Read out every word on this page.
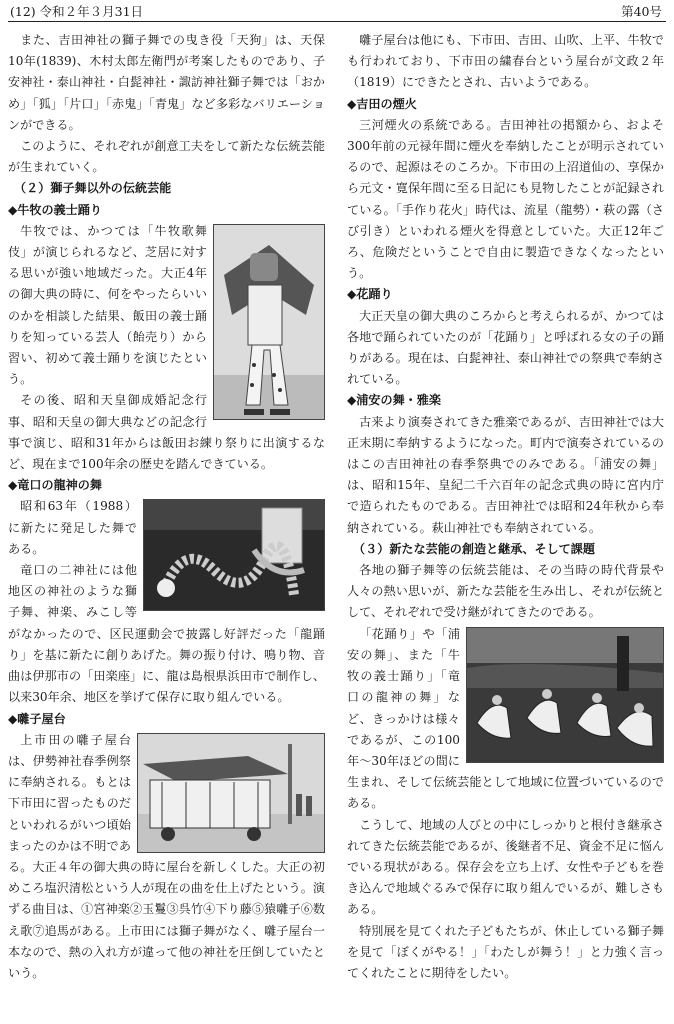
(12) 令和２年３月31日	第40号

また、吉田神社の獅子舞での曳き役「天狗」は、天保10年(1839)、木村太郎左衛門が考案したものであり、子安神社・泰山神社・白髭神社・諏訪神社獅子舞では「おかめ」「狐」「片口」「赤鬼」「青鬼」など多彩なバリエーションができる。

このように、それぞれが創意工夫をして新たな伝統芸能が生まれていく。

（２）獅子舞以外の伝統芸能

◆牛牧の義士踊り

牛牧では、かつては「牛牧歌舞伎」が演じられるなど、芝居に対する思いが強い地域だった。大正4年の御大典の時に、何をやったらいいのかを相談した結果、飯田の義士踊りを知っている芸人（飴売り）から習い、初めて義士踊りを演じたという。

その後、昭和天皇御成婚記念行事、昭和天皇の御大典などの記念行事で演じ、昭和31年からは飯田お練り祭りに出演するなど、現在まで100年余の歴史を踏んできている。

◆竜口の龍神の舞

昭和63年（1988）に新たに発足した舞である。

竜口の二神社には他地区の神社のような獅子舞、神楽、みこし等がなかったので、区民運動会で披露し好評だった「龍踊り」を基に新たに創りあげた。舞の振り付け、鳴り物、音曲は伊那市の「田楽座」に、龍は島根県浜田市で制作し、以来30年余、地区を挙げて保存に取り組んでいる。

◆囃子屋台

上市田の囃子屋台は、伊勢神社春季例祭に奉納される。もとは下市田に習ったものだといわれるがいつ頃始まったのかは不明である。大正４年の御大典の時に屋台を新しくした。大正の初めころ塩沢清松という人が現在の曲を仕上げたという。演ずる曲目は、①宮神楽②玉鬘③呉竹④下り藤⑤猿囃子⑥数え歌⑦追馬がある。上市田には獅子舞がなく、囃子屋台一本なので、熱の入れ方が違って他の神社を圧倒していたという。

囃子屋台は他にも、下市田、吉田、山吹、上平、牛牧でも行われており、下市田の繍春台という屋台が文政２年（1819）にできたとされ、古いようである。

◆吉田の煙火

三河煙火の系統である。吉田神社の掲額から、およそ300年前の元禄年間に煙火を奉納したことが明示されているので、起源はそのころか。下市田の上沼道仙の、享保から元文・寛保年間に至る日記にも見物したことが記録されている。「手作り花火」時代は、流星（龍勢）・萩の露（さび引き）といわれる煙火を得意としていた。大正12年ごろ、危険だということで自由に製造できなくなったという。

◆花踊り

大正天皇の御大典のころからと考えられるが、かつては各地で踊られていたのが「花踊り」と呼ばれる女の子の踊りがある。現在は、白髭神社、泰山神社での祭典で奉納されている。

◆浦安の舞・雅楽

古来より演奏されてきた雅楽であるが、吉田神社では大正末期に奉納するようになった。町内で演奏されているのはこの吉田神社の春季祭典でのみである。「浦安の舞」は、昭和15年、皇紀二千六百年の記念式典の時に宮内庁で造られたものである。吉田神社では昭和24年秋から奉納されている。萩山神社でも奉納されている。

（３）新たな芸能の創造と継承、そして課題

各地の獅子舞等の伝統芸能は、その当時の時代背景や人々の熱い思いが、新たな芸能を生み出し、それが伝統として、それぞれで受け継がれてきたのである。

「花踊り」や「浦安の舞」、また「牛牧の義士踊り」「竜口の龍神の舞」など、きっかけは様々であるが、この100年〜30年ほどの間に生まれ、そして伝統芸能として地域に位置づいているのである。

こうして、地域の人びとの中にしっかりと根付き継承されてきた伝統芸能であるが、後継者不足、資金不足に悩んでいる現状がある。保存会を立ち上げ、女性や子どもを巻き込んで地域ぐるみで保存に取り組んでいるが、難しさもある。

特別展を見てくれた子どもたちが、休止している獅子舞を見て「ぼくがやる！」「わたしが舞う！」と力強く言ってくれたことに期待をしたい。
